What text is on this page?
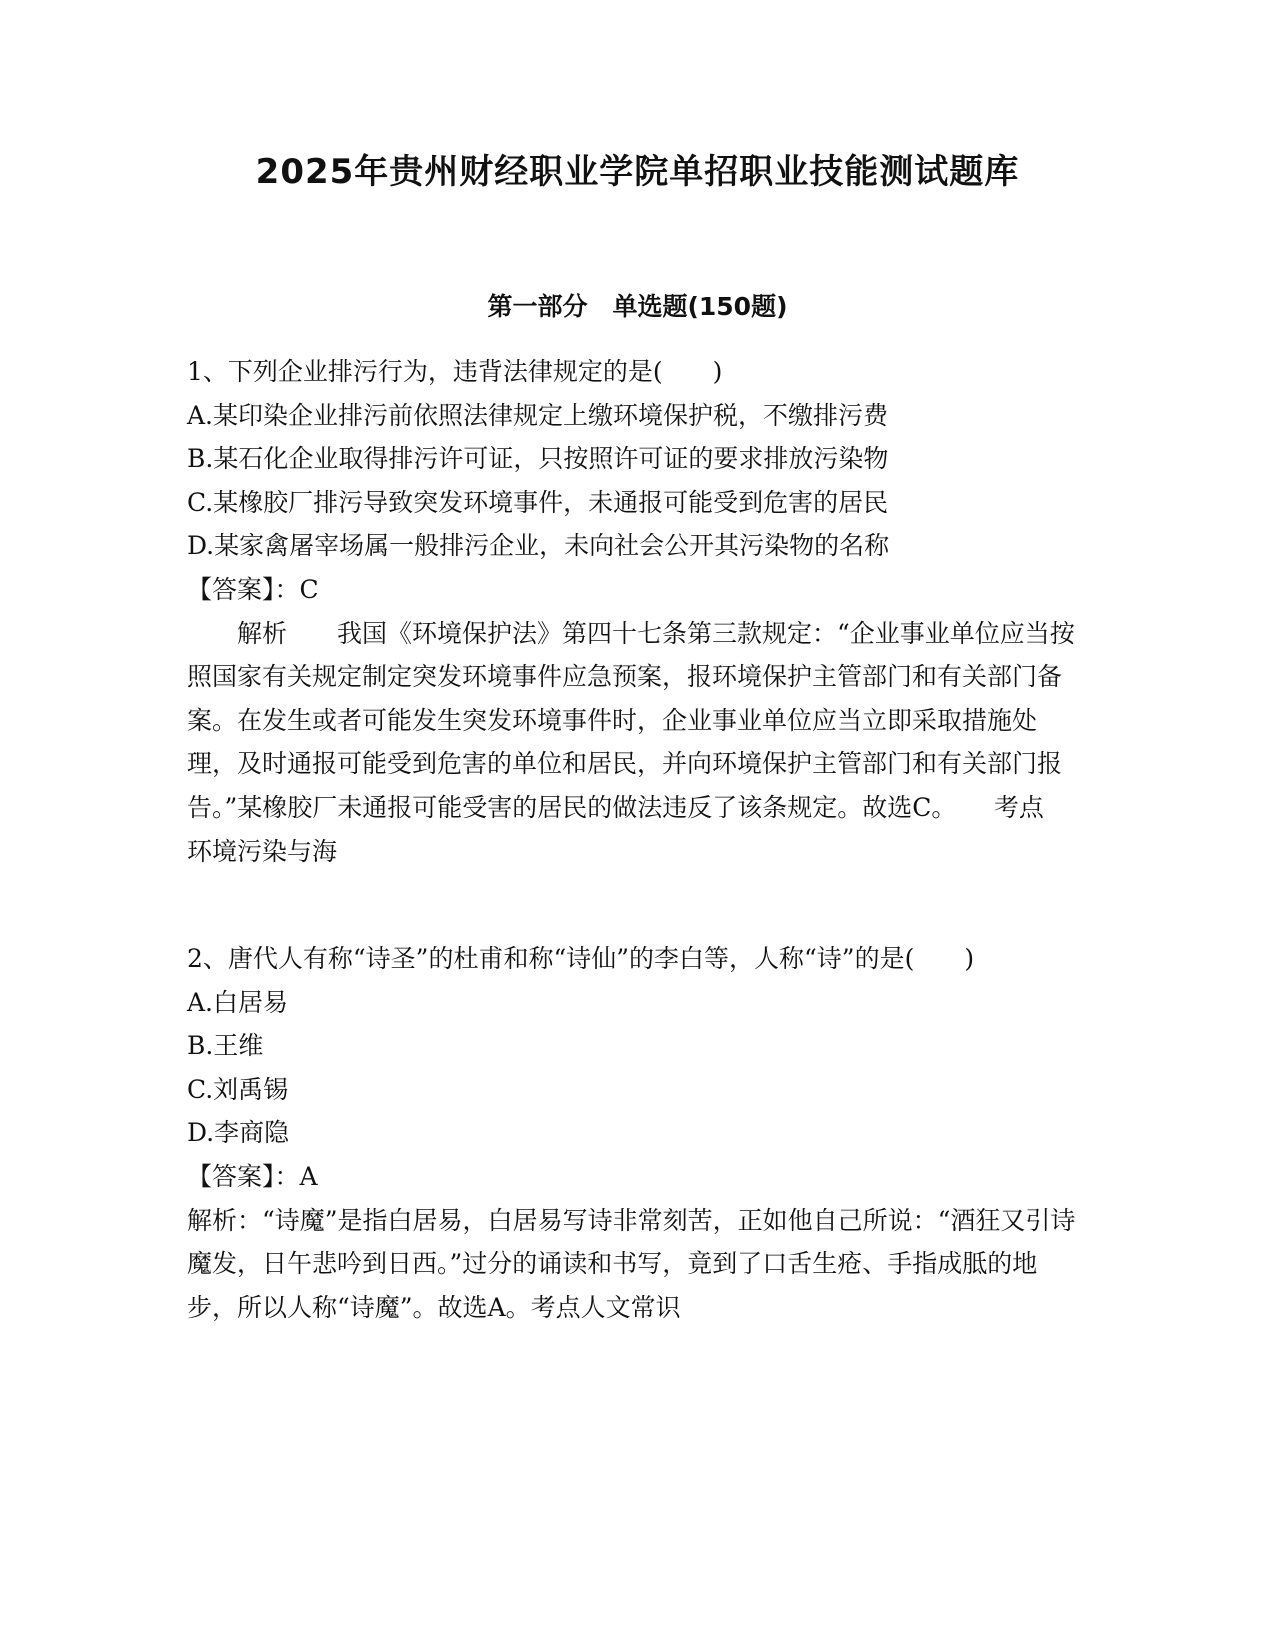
2025年贵州财经职业学院单招职业技能测试题库
第一部分　单选题(150题)
1、下列企业排污行为，违背法律规定的是(　　)
A.某印染企业排污前依照法律规定上缴环境保护税，不缴排污费
B.某石化企业取得排污许可证，只按照许可证的要求排放污染物
C.某橡胶厂排污导致突发环境事件，未通报可能受到危害的居民
D.某家禽屠宰场属一般排污企业，未向社会公开其污染物的名称
【答案】：C
解析　　我国《环境保护法》第四十七条第三款规定：“企业事业单位应当按照国家有关规定制定突发环境事件应急预案，报环境保护主管部门和有关部门备案。在发生或者可能发生突发环境事件时，企业事业单位应当立即采取措施处理，及时通报可能受到危害的单位和居民，并向环境保护主管部门和有关部门报告。”某橡胶厂未通报可能受害的居民的做法违反了该条规定。故选C。　　考点　　环境污染与海
2、唐代人有称“诗圣”的杜甫和称“诗仙”的李白等，人称“诗”的是(　　)
A.白居易
B.王维
C.刘禹锡
D.李商隐
【答案】：A
解析：“诗魔”是指白居易，白居易写诗非常刻苦，正如他自己所说：“酒狂又引诗魔发，日午悲吟到日西。”过分的诵读和书写，竟到了口舌生疮、手指成胝的地步，所以人称“诗魔”。故选A。考点人文常识
